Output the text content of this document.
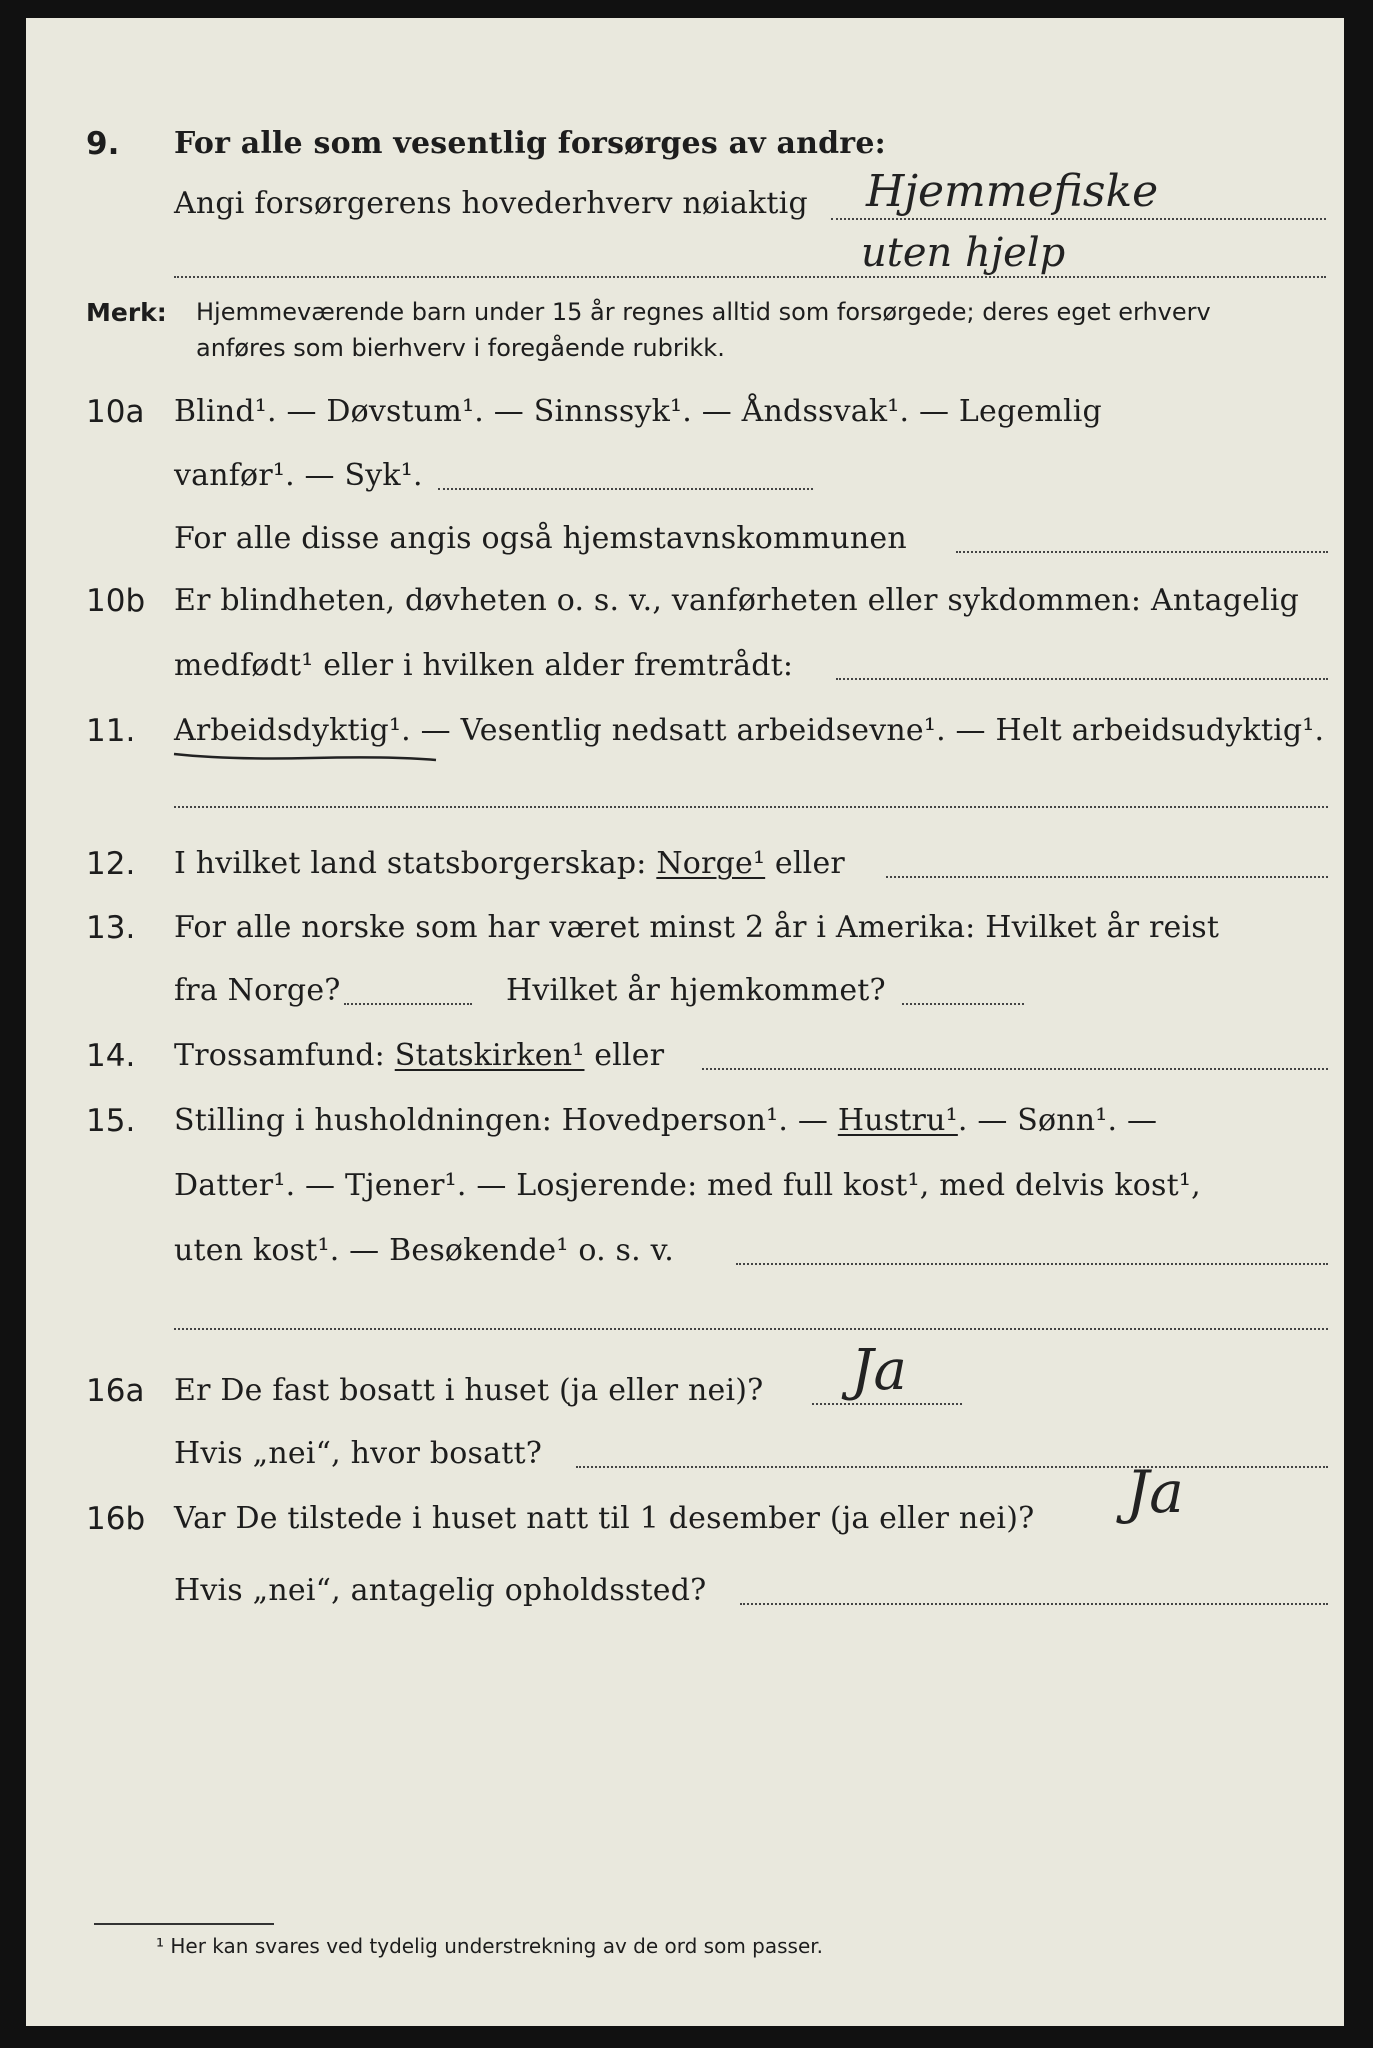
9. For alle som vesentlig forsørges av andre:
Angi forsørgerens hovederhverv nøiaktig Hjemmefiske
uten hjelp
Merk: Hjemmeværende barn under 15 år regnes alltid som forsørgede; deres eget erhverv
anføres som bierhverv i foregående rubrikk.
10a Blind¹. — Døvstum¹. — Sinnssyk¹. — Åndssvak¹. — Legemlig
vanfør¹. — Syk¹.
For alle disse angis også hjemstavnskommunen
10b Er blindheten, døvheten o. s. v., vanførheten eller sykdommen: Antagelig
medfødt¹ eller i hvilken alder fremtrådt:
11. Arbeidsdyktig¹. — Vesentlig nedsatt arbeidsevne¹. — Helt arbeidsudyktig¹.
12. I hvilket land statsborgerskap: Norge¹ eller
13. For alle norske som har været minst 2 år i Amerika: Hvilket år reist
fra Norge?	Hvilket år hjemkommet?
14. Trossamfund: Statskirken¹ eller
15. Stilling i husholdningen: Hovedperson¹. — Hustru¹. — Sønn¹. —
Datter¹. — Tjener¹. — Losjerende: med full kost¹, med delvis kost¹,
uten kost¹. — Besøkende¹ o. s. v.
16a Er De fast bosatt i huset (ja eller nei)? Ja
Hvis „nei“, hvor bosatt?
16b Var De tilstede i huset natt til 1 desember (ja eller nei)? Ja
Hvis „nei“, antagelig opholdssted?
¹ Her kan svares ved tydelig understrekning av de ord som passer.
